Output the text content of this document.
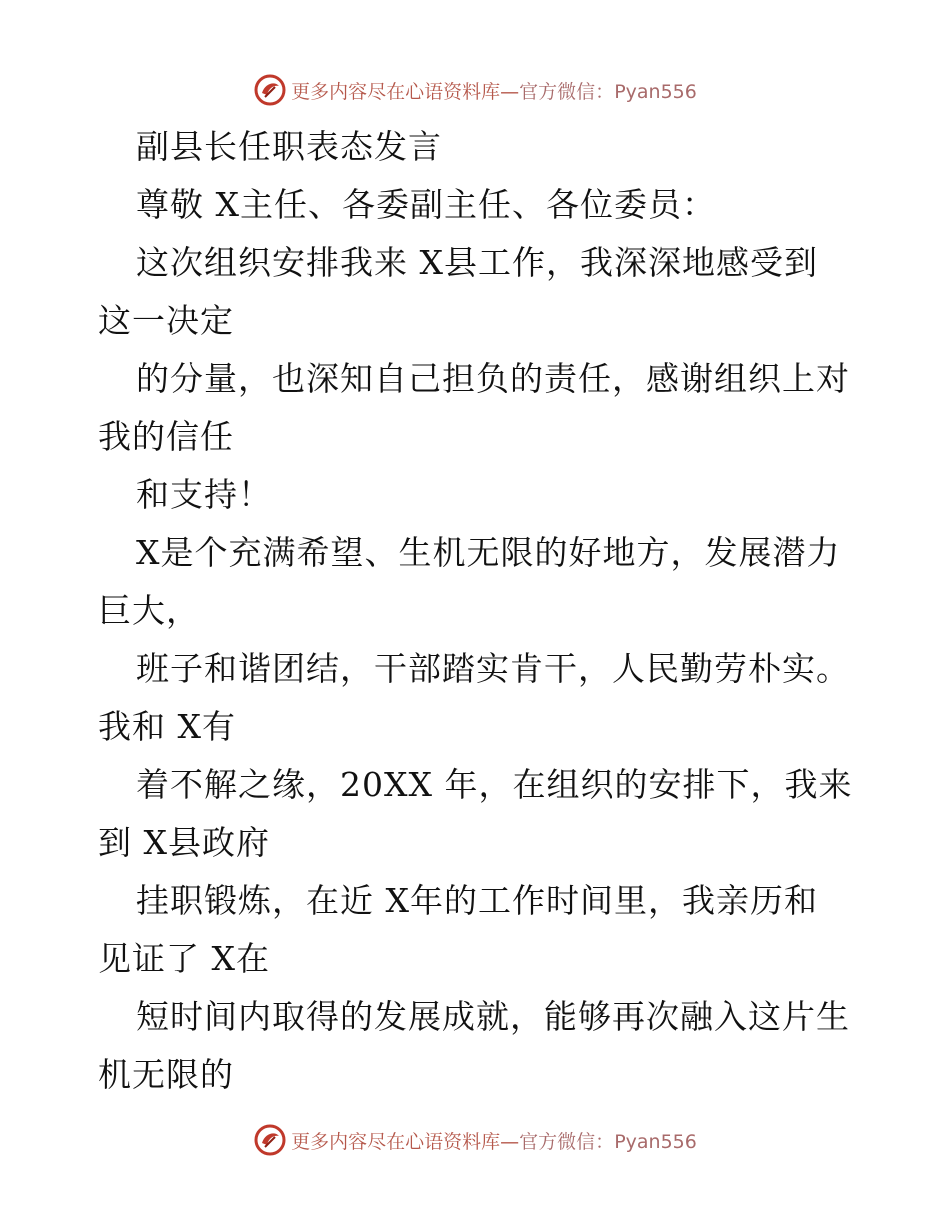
更多内容尽在心语资料库—官方微信：Pyan556
副县长任职表态发言
尊敬 X主任、各委副主任、各位委员：
这次组织安排我来 X县工作，我深深地感受到
这一决定
的分量，也深知自己担负的责任，感谢组织上对
我的信任
和支持！
X是个充满希望、生机无限的好地方，发展潜力
巨大，
班子和谐团结，干部踏实肯干，人民勤劳朴实。
我和 X有
着不解之缘，20XX 年，在组织的安排下，我来
到 X县政府
挂职锻炼，在近 X年的工作时间里，我亲历和
见证了 X在
短时间内取得的发展成就，能够再次融入这片生
机无限的
更多内容尽在心语资料库—官方微信：Pyan556
